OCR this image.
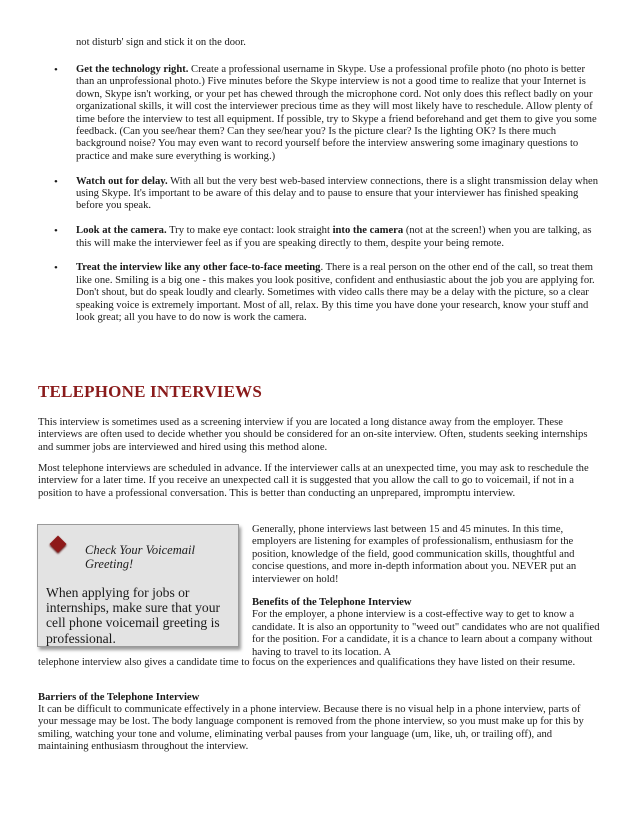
not disturb' sign and stick it on the door.

• Get the technology right. Create a professional username in Skype. Use a professional profile photo (no photo is better than an unprofessional photo.) Five minutes before the Skype interview is not a good time to realize that your Internet is down, Skype isn't working, or your pet has chewed through the microphone cord. Not only does this reflect badly on your organizational skills, it will cost the interviewer precious time as they will most likely have to reschedule. Allow plenty of time before the interview to test all equipment. If possible, try to Skype a friend beforehand and get them to give you some feedback. (Can you see/hear them? Can they see/hear you? Is the picture clear? Is the lighting OK? Is there much background noise? You may even want to record yourself before the interview answering some imaginary questions to practice and make sure everything is working.)
• Watch out for delay. With all but the very best web-based interview connections, there is a slight transmission delay when using Skype. It's important to be aware of this delay and to pause to ensure that your interviewer has finished speaking before you speak.
• Look at the camera. Try to make eye contact: look straight into the camera (not at the screen!) when you are talking, as this will make the interviewer feel as if you are speaking directly to them, despite your being remote.
• Treat the interview like any other face-to-face meeting. There is a real person on the other end of the call, so treat them like one. Smiling is a big one - this makes you look positive, confident and enthusiastic about the job you are applying for. Don't shout, but do speak loudly and clearly. Sometimes with video calls there may be a delay with the picture, so a clear speaking voice is extremely important. Most of all, relax. By this time you have done your research, know your stuff and look great; all you have to do now is work the camera.
TELEPHONE INTERVIEWS

This interview is sometimes used as a screening interview if you are located a long distance away from the employer. These interviews are often used to decide whether you should be considered for an on-site interview. Often, students seeking internships and summer jobs are interviewed and hired using this method alone.

Most telephone interviews are scheduled in advance. If the interviewer calls at an unexpected time, you may ask to reschedule the interview for a later time. If you receive an unexpected call it is suggested that you allow the call to go to voicemail, if not in a position to have a professional conversation. This is better than conducting an unprepared, impromptu interview.

Check Your Voicemail Greeting!

When applying for jobs or internships, make sure that your cell phone voicemail greeting is professional.

Generally, phone interviews last between 15 and 45 minutes. In this time, employers are listening for examples of professionalism, enthusiasm for the position, knowledge of the field, good communication skills, thoughtful and concise questions, and more in-depth information about you. NEVER put an interviewer on hold!

Benefits of the Telephone Interview

For the employer, a phone interview is a cost-effective way to get to know a candidate. It is also an opportunity to "weed out" candidates who are not qualified for the position. For a candidate, it is a chance to learn about a company without having to travel to its location. A

telephone interview also gives a candidate time to focus on the experiences and qualifications they have listed on their resume.

Barriers of the Telephone Interview

It can be difficult to communicate effectively in a phone interview. Because there is no visual help in a phone interview, parts of your message may be lost. The body language component is removed from the phone interview, so you must make up for this by smiling, watching your tone and volume, eliminating verbal pauses from your language (um, like, uh, or trailing off), and maintaining enthusiasm throughout the interview.
